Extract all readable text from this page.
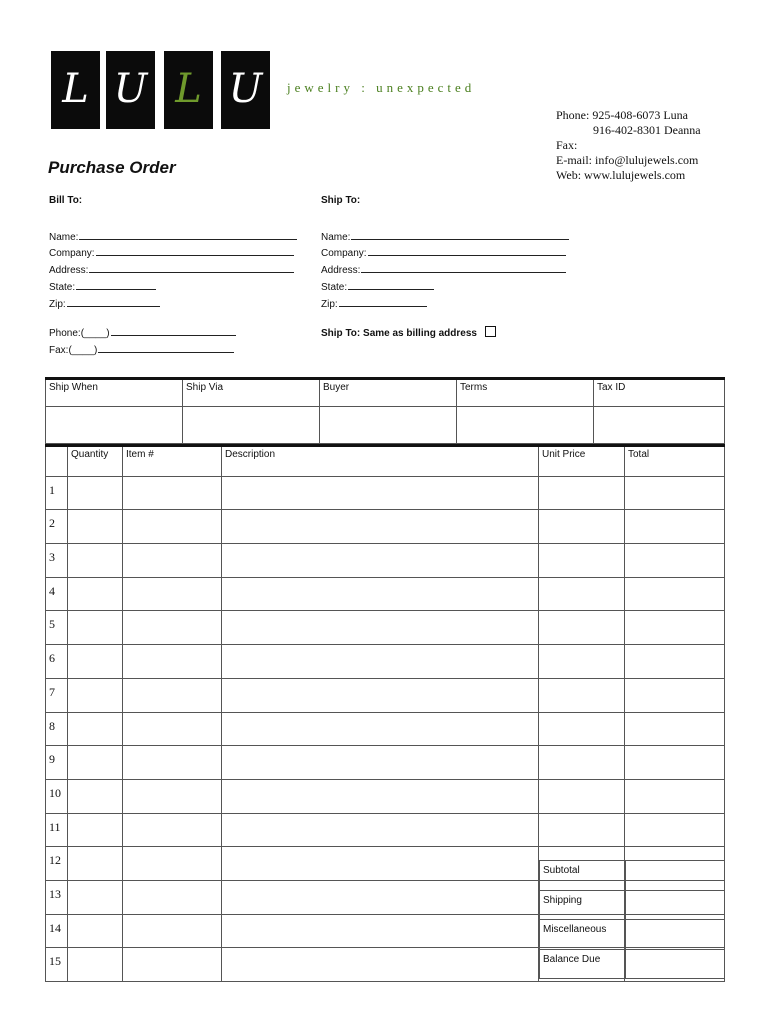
L U L U	jewelry : unexpected
Phone: 925-408-6073 Luna
916-402-8301 Deanna
Fax:
E-mail: info@lulujewels.com
Web: www.lulujewels.com
Purchase Order
Bill To:
Name:
Company:
Address:
State:
Zip:
Phone:(____)
Fax:(____)
Ship To:
Name:
Company:
Address:
State:
Zip:
Ship To: Same as billing address
Ship When	Ship Via	Buyer	Terms	Tax ID

	Quantity	Item #	Description	Unit Price	Total
1					
2					
3					
4					
5					
6					
7					
8					
9					
10					
11					
12					
13					
14					
15					
Subtotal	
Shipping	
Miscellaneous	
Balance Due	
